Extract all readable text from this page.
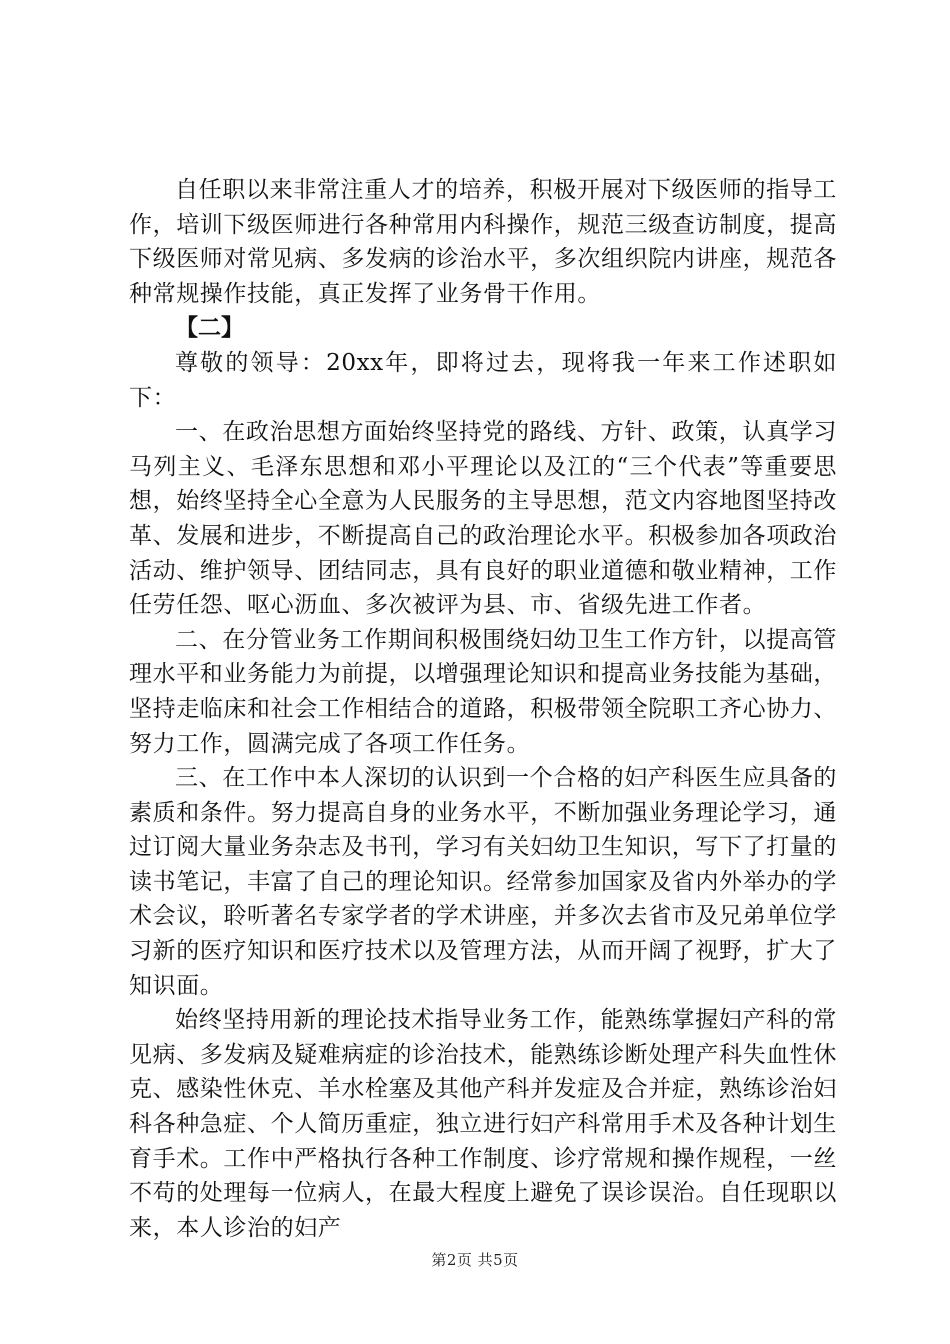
自任职以来非常注重人才的培养，积极开展对下级医师的指导工作，培训下级医师进行各种常用内科操作，规范三级查访制度，提高下级医师对常见病、多发病的诊治水平，多次组织院内讲座，规范各种常规操作技能，真正发挥了业务骨干作用。

【二】

尊敬的领导：20xx年，即将过去，现将我一年来工作述职如下：

一、在政治思想方面始终坚持党的路线、方针、政策，认真学习马列主义、毛泽东思想和邓小平理论以及江的“三个代表”等重要思想，始终坚持全心全意为人民服务的主导思想，范文内容地图坚持改革、发展和进步，不断提高自己的政治理论水平。积极参加各项政治活动、维护领导、团结同志，具有良好的职业道德和敬业精神，工作任劳任怨、呕心沥血、多次被评为县、市、省级先进工作者。

二、在分管业务工作期间积极围绕妇幼卫生工作方针，以提高管理水平和业务能力为前提，以增强理论知识和提高业务技能为基础，坚持走临床和社会工作相结合的道路，积极带领全院职工齐心协力、努力工作，圆满完成了各项工作任务。

三、在工作中本人深切的认识到一个合格的妇产科医生应具备的素质和条件。努力提高自身的业务水平，不断加强业务理论学习，通过订阅大量业务杂志及书刊，学习有关妇幼卫生知识，写下了打量的读书笔记，丰富了自己的理论知识。经常参加国家及省内外举办的学术会议，聆听著名专家学者的学术讲座，并多次去省市及兄弟单位学习新的医疗知识和医疗技术以及管理方法，从而开阔了视野，扩大了知识面。

始终坚持用新的理论技术指导业务工作，能熟练掌握妇产科的常见病、多发病及疑难病症的诊治技术，能熟练诊断处理产科失血性休克、感染性休克、羊水栓塞及其他产科并发症及合并症，熟练诊治妇科各种急症、个人简历重症，独立进行妇产科常用手术及各种计划生育手术。工作中严格执行各种工作制度、诊疗常规和操作规程，一丝不苟的处理每一位病人，在最大程度上避免了误诊误治。自任现职以来，本人诊治的妇产

第2页 共5页
